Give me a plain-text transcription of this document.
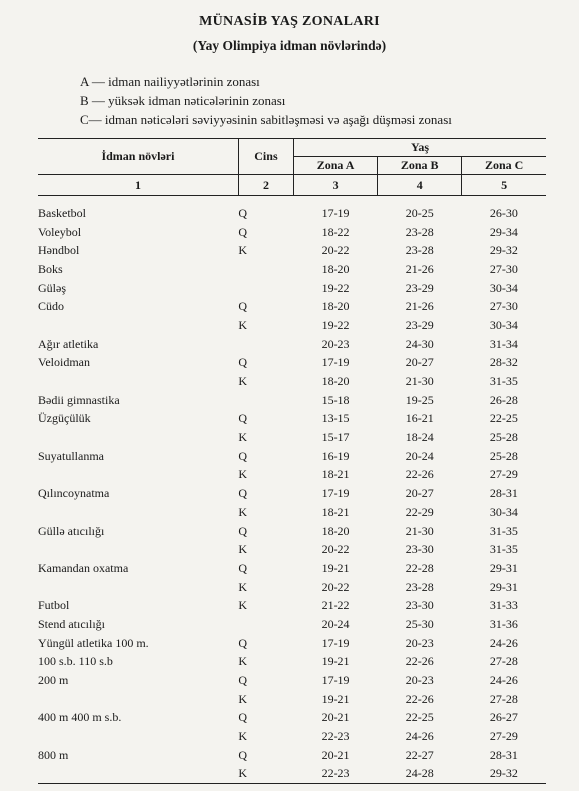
MÜNASİB YAŞ ZONALARI
(Yay Olimpiya idman növlərində)
A — idman nailiyyətlərinin zonası
B — yüksək idman nəticələrinin zonası
C— idman nəticələri səviyyəsinin sabitləşməsi və aşağı düşməsi zonası
İdman növləri	Cins	Yaş		
		Zona A	Zona B	Zona C
1	2	3	4	5
Basketbol	Q	17-19	20-25	26-30
Voleybol	Q	18-22	23-28	29-34
Həndbol	K	20-22	23-28	29-32
Boks		18-20	21-26	27-30
Güləş		19-22	23-29	30-34
Cüdo	Q	18-20	21-26	27-30
	K	19-22	23-29	30-34
Ağır atletika		20-23	24-30	31-34
Veloidman	Q	17-19	20-27	28-32
	K	18-20	21-30	31-35
Bədii gimnastika		15-18	19-25	26-28
Üzgüçülük	Q	13-15	16-21	22-25
	K	15-17	18-24	25-28
Suyatullanma	Q	16-19	20-24	25-28
	K	18-21	22-26	27-29
Qılıncoynatma	Q	17-19	20-27	28-31
	K	18-21	22-29	30-34
Güllə atıcılığı	Q	18-20	21-30	31-35
	K	20-22	23-30	31-35
Kamandan oxatma	Q	19-21	22-28	29-31
	K	20-22	23-28	29-31
Futbol	K	21-22	23-30	31-33
Stend atıcılığı		20-24	25-30	31-36
Yüngül atletika 100 m.	Q	17-19	20-23	24-26
100 s.b. 110 s.b	K	19-21	22-26	27-28
200 m	Q	17-19	20-23	24-26
	K	19-21	22-26	27-28
400 m 400 m s.b.	Q	20-21	22-25	26-27
	K	22-23	24-26	27-29
800 m	Q	20-21	22-27	28-31
	K	22-23	24-28	29-32
